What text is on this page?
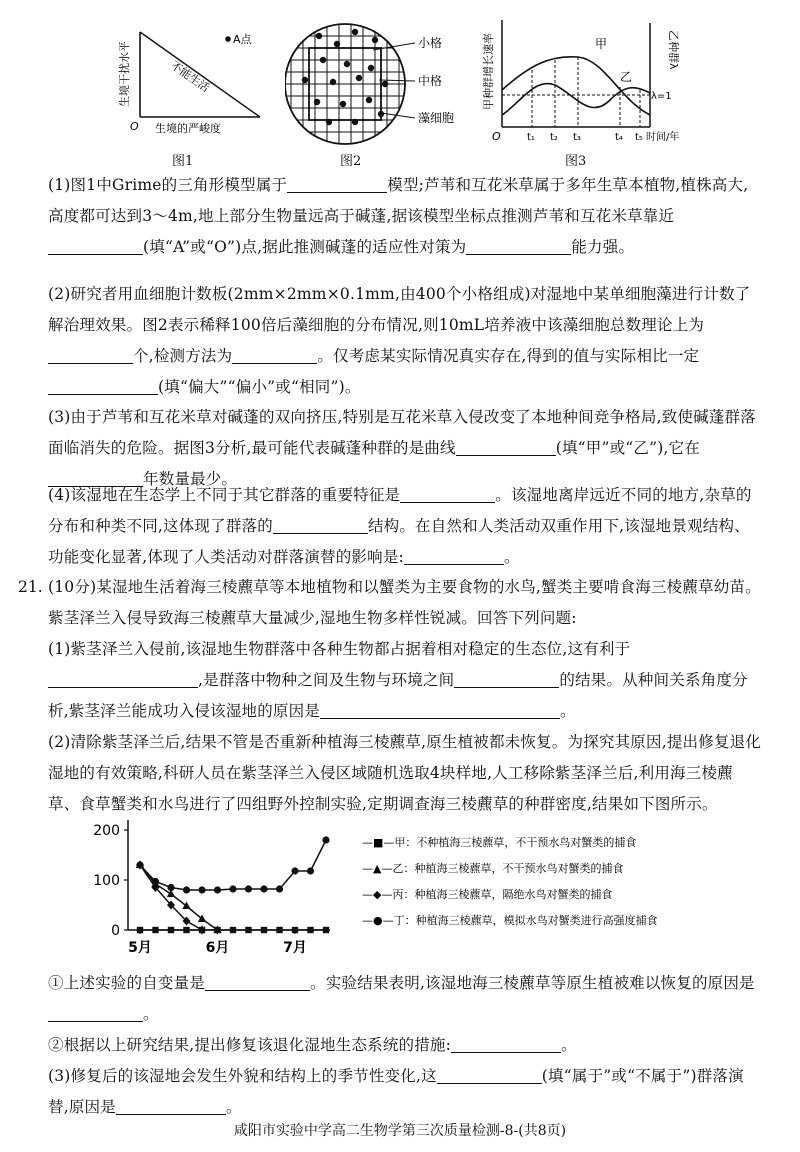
A点
不能生活
生境干扰水平
生境的严峻度
O
图1
小格
中格
藻细胞
图2
甲
乙
λ=1
甲种群增长速率	乙种群λ
O	t₁ t₂ t₃	t₄ t₅ 时间/年
图3
(1)图1中Grime的三角形模型属于	模型;芦苇和互花米草属于多年生草本植物,植株高大,高度都可达到3～4m,地上部分生物量远高于碱蓬,据该模型坐标点推测芦苇和互花米草靠近(填“A”或“O”)点,据此推测碱蓬的适应性对策为	能力强。
(2)研究者用血细胞计数板(2mm×2mm×0.1mm,由400个小格组成)对湿地中某单细胞藻进行计数了解治理效果。图2表示稀释100倍后藻细胞的分布情况,则10mL培养液中该藻细胞总数理论上为个,检测方法为	。仅考虑某实际情况真实存在,得到的值与实际相比一定(填“偏大”“偏小”或“相同”)。
(3)由于芦苇和互花米草对碱蓬的双向挤压,特别是互花米草入侵改变了本地种间竞争格局,致使碱蓬群落面临消失的危险。据图3分析,最可能代表碱蓬种群的是曲线	(填“甲”或“乙”),它在年数量最少。
(4)该湿地在生态学上不同于其它群落的重要特征是	。该湿地离岸远近不同的地方,杂草的分布和种类不同,这体现了群落的	结构。在自然和人类活动双重作用下,该湿地景观结构、功能变化显著,体现了人类活动对群落演替的影响是:	。
21. (10分)某湿地生活着海三棱藨草等本地植物和以蟹类为主要食物的水鸟,蟹类主要啃食海三棱藨草幼苗。紫茎泽兰入侵导致海三棱藨草大量减少,湿地生物多样性锐减。回答下列问题:
(1)紫茎泽兰入侵前,该湿地生物群落中各种生物都占据着相对稳定的生态位,这有利于,是群落中物种之间及生物与环境之间	的结果。从种间关系角度分析,紫茎泽兰能成功入侵该湿地的原因是	。
(2)清除紫茎泽兰后,结果不管是否重新种植海三棱藨草,原生植被都未恢复。为探究其原因,提出修复退化湿地的有效策略,科研人员在紫茎泽兰入侵区域随机选取4块样地,人工移除紫茎泽兰后,利用海三棱藨草、食草蟹类和水鸟进行了四组野外控制实验,定期调查海三棱藨草的种群密度,结果如下图所示。
0
100
200
5月	6月	7月
—■—甲：不种植海三棱藨草，不干预水鸟对蟹类的捕食
—▲—乙：种植海三棱藨草，不干预水鸟对蟹类的捕食
—◆—丙：种植海三棱藨草，隔绝水鸟对蟹类的捕食
—●—丁：种植海三棱藨草，模拟水鸟对蟹类进行高强度捕食
①上述实验的自变量是	。实验结果表明,该湿地海三棱藨草等原生植被难以恢复的原因是。
②根据以上研究结果,提出修复该退化湿地生态系统的措施:	。
(3)修复后的该湿地会发生外貌和结构上的季节性变化,这	(填“属于”或“不属于”)群落演替,原因是	。
咸阳市实验中学高二生物学第三次质量检测-8-(共8页)
